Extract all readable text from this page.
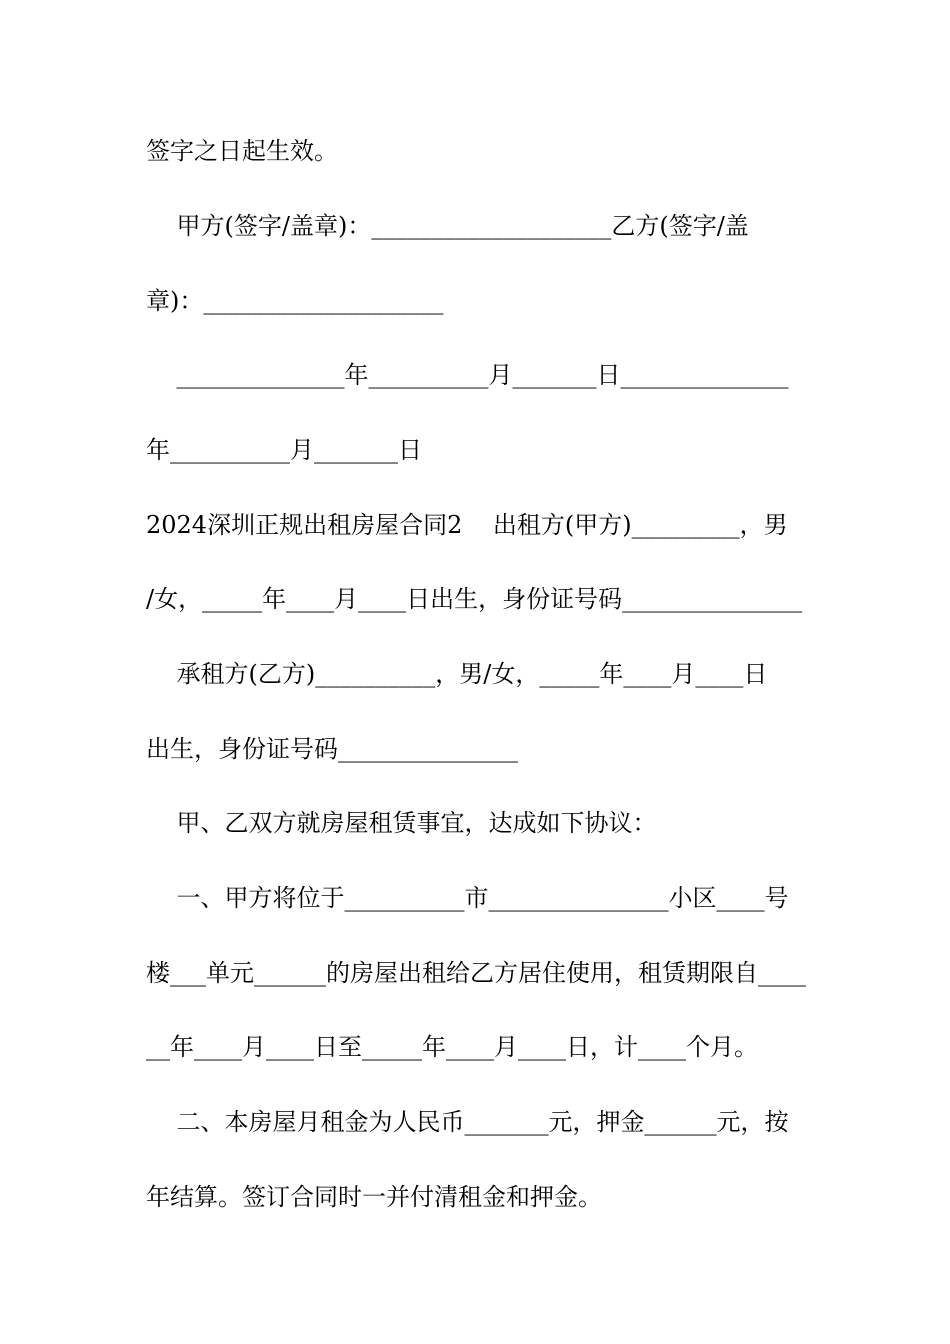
签字之日起生效。
甲方(签字/盖章)：____________________乙方(签字/盖
章)：____________________
______________年__________月_______日______________
年__________月_______日
2024深圳正规出租房屋合同2    出租方(甲方)_________，男
/女，_____年____月____日出生，身份证号码_______________
承租方(乙方)__________，男/女，_____年____月____日
出生，身份证号码_______________
甲、乙双方就房屋租赁事宜，达成如下协议：
一、甲方将位于__________市_______________小区____号
楼___单元______的房屋出租给乙方居住使用，租赁期限自____
__年____月____日至_____年____月____日，计____个月。
二、本房屋月租金为人民币_______元，押金______元，按
年结算。签订合同时一并付清租金和押金。
